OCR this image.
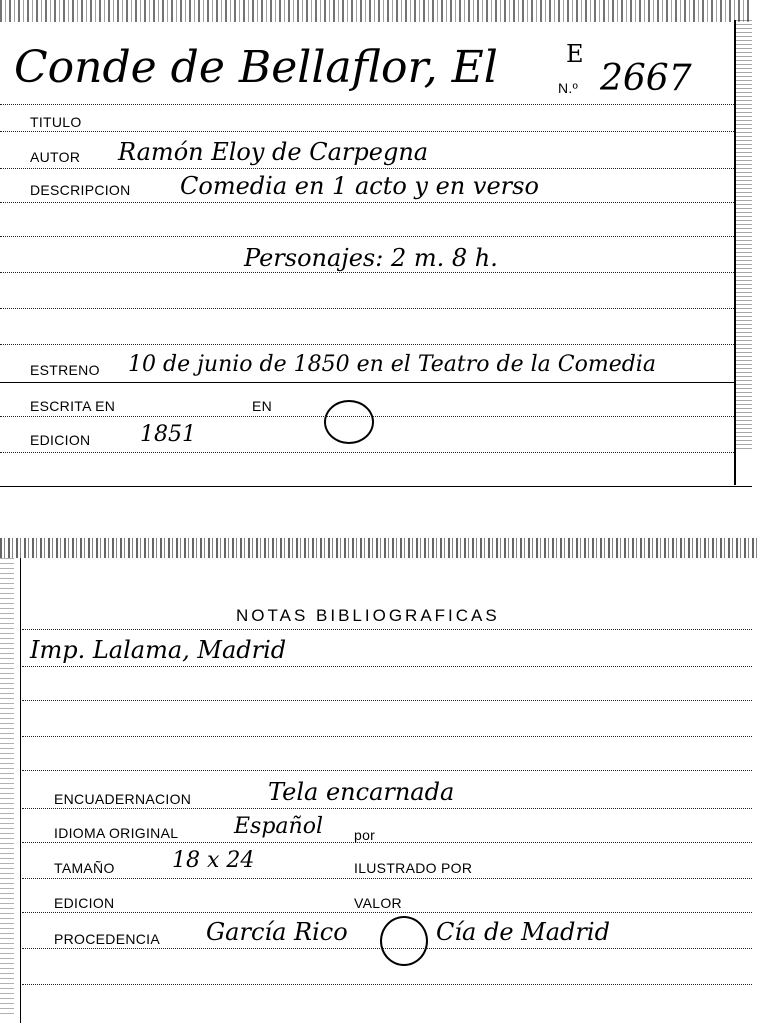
Conde de Bellaflor, El	N.º 2667
E
TITULO
AUTOR Ramón Eloy de Carpegna
DESCRIPCION Comedia en 1 acto y en verso
Personajes: 2 m. 8 h.
ESTRENO 10 de junio de 1850 en el Teatro de la Comedia
ESCRITA EN	EN
EDICION 1851
NOTAS BIBLIOGRAFICAS
Imp. Lalama, Madrid
ENCUADERNACION	Tela encarnada
IDIOMA ORIGINAL	Español por
TAMAÑO	18 x 24	ILUSTRADO POR
EDICION	VALOR
PROCEDENCIA García Rico	Cía de Madrid
